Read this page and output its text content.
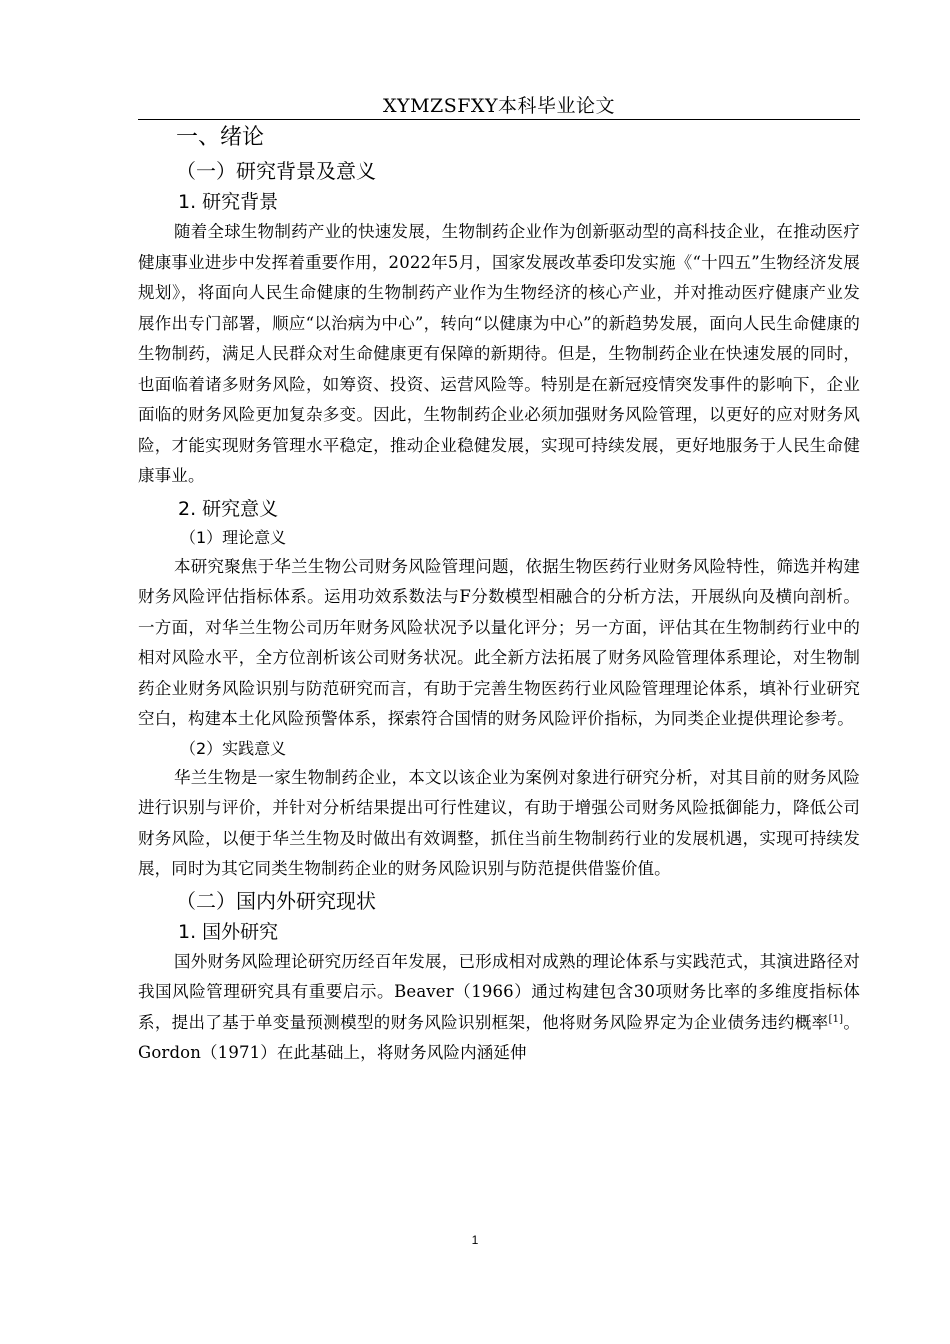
XYMZSFXY本科毕业论文
一、绪论
（一）研究背景及意义
1. 研究背景

随着全球生物制药产业的快速发展，生物制药企业作为创新驱动型的高科技企业，在推动医疗健康事业进步中发挥着重要作用，2022年5月，国家发展改革委印发实施《“十四五”生物经济发展规划》，将面向人民生命健康的生物制药产业作为生物经济的核心产业，并对推动医疗健康产业发展作出专门部署，顺应“以治病为中心”，转向“以健康为中心”的新趋势发展，面向人民生命健康的生物制药，满足人民群众对生命健康更有保障的新期待。但是，生物制药企业在快速发展的同时，也面临着诸多财务风险，如筹资、投资、运营风险等。特别是在新冠疫情突发事件的影响下，企业面临的财务风险更加复杂多变。因此，生物制药企业必须加强财务风险管理，以更好的应对财务风险，才能实现财务管理水平稳定，推动企业稳健发展，实现可持续发展，更好地服务于人民生命健康事业。

2. 研究意义
（1）理论意义

本研究聚焦于华兰生物公司财务风险管理问题，依据生物医药行业财务风险特性，筛选并构建财务风险评估指标体系。运用功效系数法与F分数模型相融合的分析方法，开展纵向及横向剖析。一方面，对华兰生物公司历年财务风险状况予以量化评分；另一方面，评估其在生物制药行业中的相对风险水平，全方位剖析该公司财务状况。此全新方法拓展了财务风险管理体系理论，对生物制药企业财务风险识别与防范研究而言，有助于完善生物医药行业风险管理理论体系，填补行业研究空白，构建本土化风险预警体系，探索符合国情的财务风险评价指标，为同类企业提供理论参考。

（2）实践意义

华兰生物是一家生物制药企业，本文以该企业为案例对象进行研究分析，对其目前的财务风险进行识别与评价，并针对分析结果提出可行性建议，有助于增强公司财务风险抵御能力，降低公司财务风险，以便于华兰生物及时做出有效调整，抓住当前生物制药行业的发展机遇，实现可持续发展，同时为其它同类生物制药企业的财务风险识别与防范提供借鉴价值。

（二）国内外研究现状
1. 国外研究

国外财务风险理论研究历经百年发展，已形成相对成熟的理论体系与实践范式，其演进路径对我国风险管理研究具有重要启示。Beaver（1966）通过构建包含30项财务比率的多维度指标体系，提出了基于单变量预测模型的财务风险识别框架，他将财务风险界定为企业债务违约概率[1]。Gordon（1971）在此基础上，将财务风险内涵延伸

1
